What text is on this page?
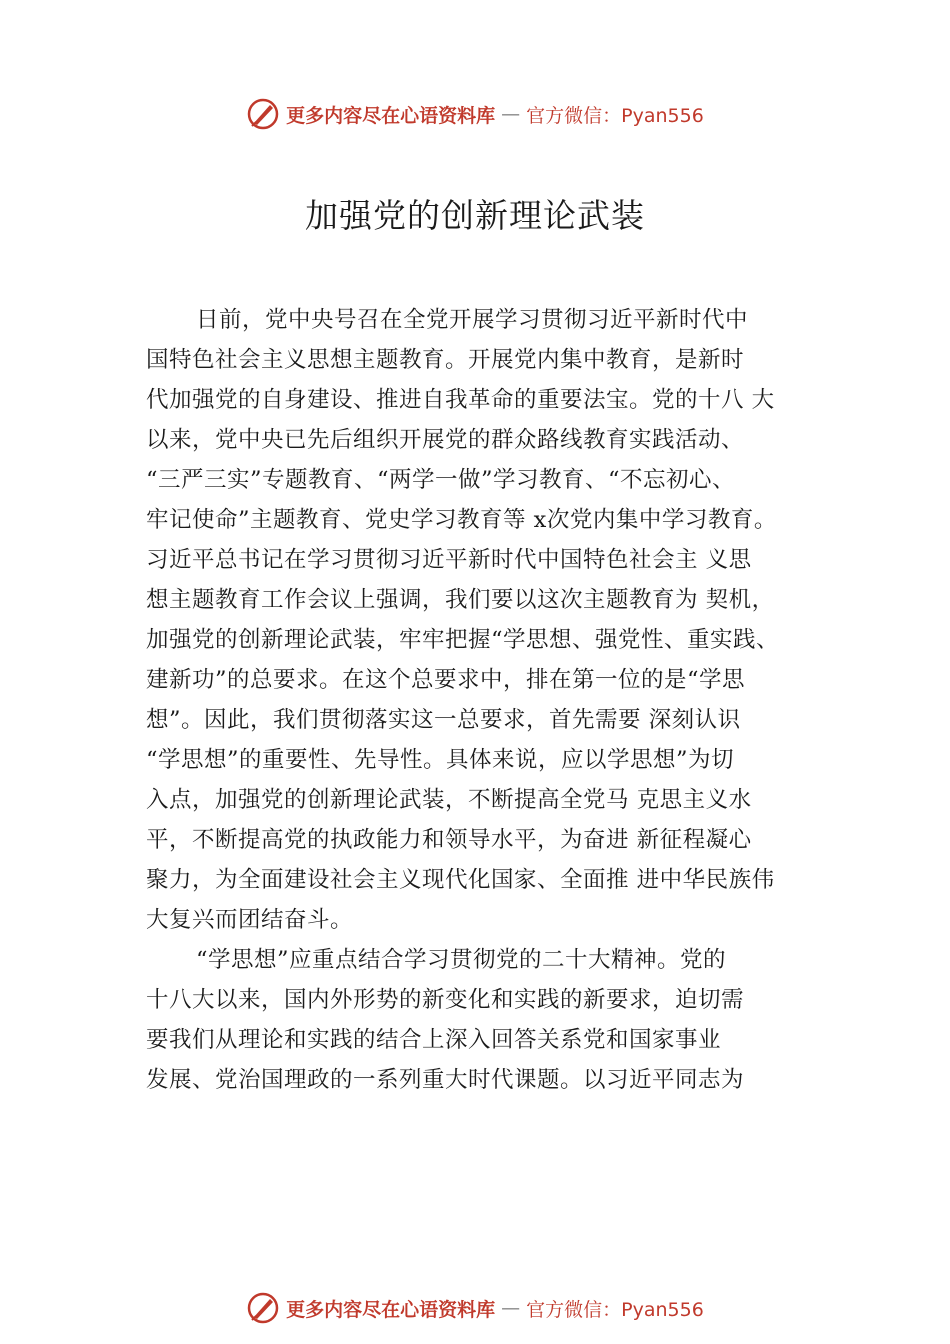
更多内容尽在心语资料库 — 官方微信：Pyan556
加强党的创新理论武装
日前，党中央号召在全党开展学习贯彻习近平新时代中
国特色社会主义思想主题教育。开展党内集中教育，是新时
代加强党的自身建设、推进自我革命的重要法宝。党的十八 大
以来，党中央已先后组织开展党的群众路线教育实践活动、
“三严三实”专题教育、“两学一做”学习教育、“不忘初心、
牢记使命”主题教育、党史学习教育等 x次党内集中学习教育。
习近平总书记在学习贯彻习近平新时代中国特色社会主 义思
想主题教育工作会议上强调，我们要以这次主题教育为 契机，
加强党的创新理论武装，牢牢把握“学思想、强党性、重实践、
建新功”的总要求。在这个总要求中，排在第一位的是“学思
想”。因此，我们贯彻落实这一总要求，首先需要 深刻认识
“学思想”的重要性、先导性。具体来说，应以学思想”为切
入点，加强党的创新理论武装，不断提高全党马 克思主义水
平，不断提高党的执政能力和领导水平，为奋进 新征程凝心
聚力，为全面建设社会主义现代化国家、全面推 进中华民族伟
大复兴而团结奋斗。
“学思想”应重点结合学习贯彻党的二十大精神。党的
十八大以来，国内外形势的新变化和实践的新要求，迫切需
要我们从理论和实践的结合上深入回答关系党和国家事业
发展、党治国理政的一系列重大时代课题。以习近平同志为
更多内容尽在心语资料库 — 官方微信：Pyan556
